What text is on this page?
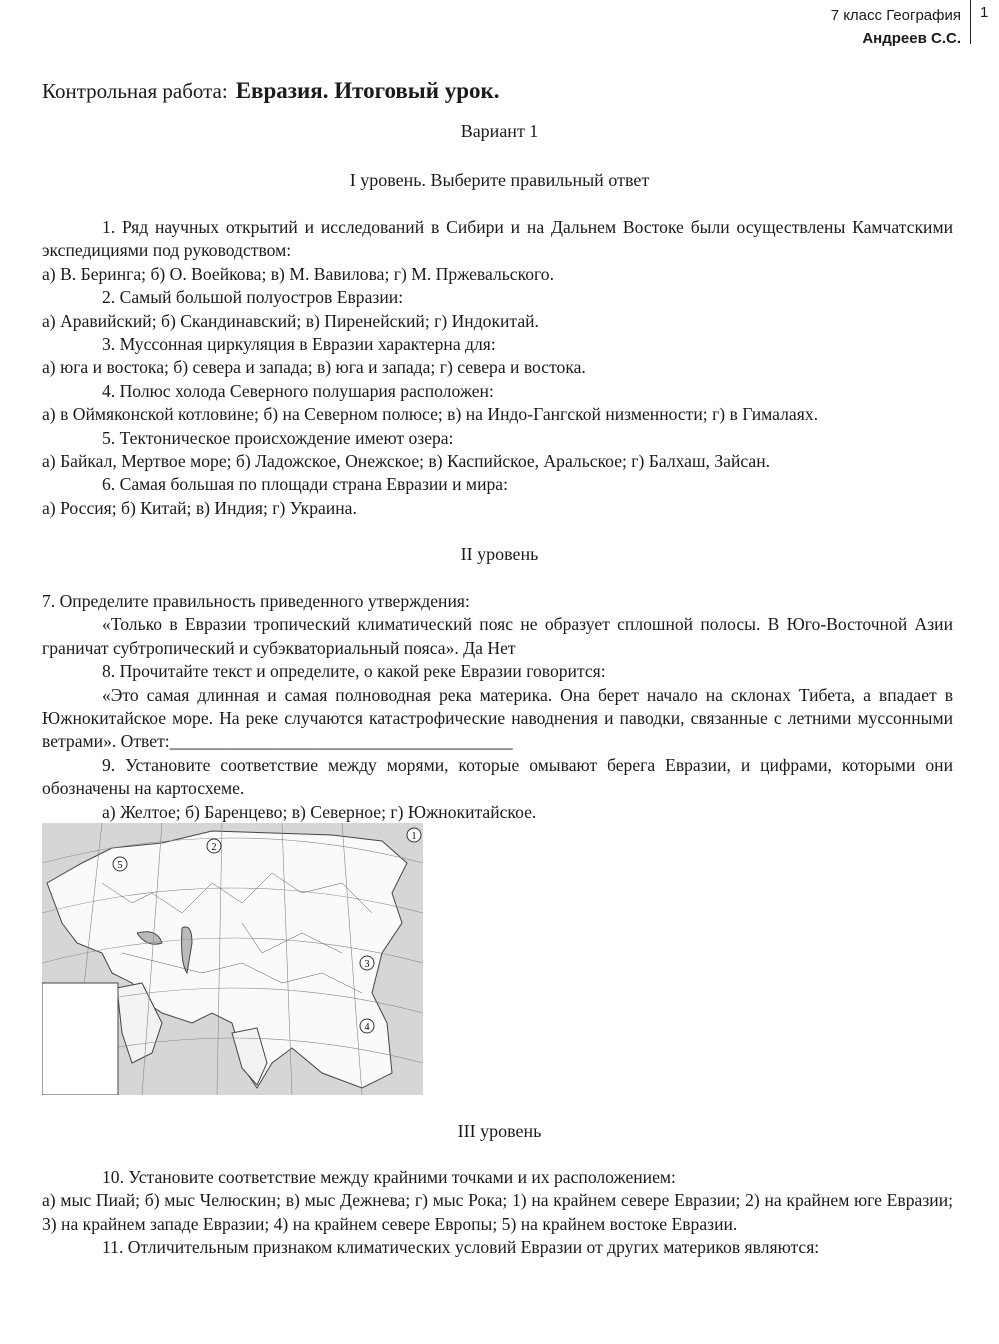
7 класс География
Андреев С.С.
1
Контрольная работа: Евразия. Итоговый урок.
Вариант 1
I уровень. Выберите правильный ответ

1. Ряд научных открытий и исследований в Сибири и на Дальнем Востоке были осуществлены Камчатскими экспедициями под руководством:

а) В. Беринга; б) О. Воейкова; в) М. Вавилова; г) М. Пржевальского.

2. Самый большой полуостров Евразии:

а) Аравийский; б) Скандинавский; в) Пиренейский; г) Индокитай.

3. Муссонная циркуляция в Евразии характерна для:

а) юга и востока; б) севера и запада; в) юга и запада; г) севера и востока.

4. Полюс холода Северного полушария расположен:

а) в Оймяконской котловине; б) на Северном полюсе; в) на Индо-Гангской низменности; г) в Гималаях.

5. Тектоническое происхождение имеют озера:

а) Байкал, Мертвое море; б) Ладожское, Онежское; в) Каспийское, Аральское; г) Балхаш, Зайсан.

6. Самая большая по площади страна Евразии и мира:

а) Россия; б) Китай; в) Индия; г) Украина.

II уровень

7. Определите правильность приведенного утверждения:

«Только в Евразии тропический климатический пояс не образует сплошной полосы. В Юго-Восточной Азии граничат субтропический и субэкваториальный пояса». Да Нет

8. Прочитайте текст и определите, о какой реке Евразии говорится:

«Это самая длинная и самая полноводная река материка. Она берет начало на склонах Тибета, а впадает в Южнокитайское море. На реке случаются катастрофические наводнения и паводки, связанные с летними муссонными ветрами». Ответ:_______________________________________

9. Установите соответствие между морями, которые омывают берега Евразии, и цифрами, которыми они обозначены на картосхеме.

а) Желтое; б) Баренцево; в) Северное; г) Южнокитайское.

1
2
3
4
5
III уровень

10. Установите соответствие между крайними точками и их расположением:

а) мыс Пиай; б) мыс Челюскин; в) мыс Дежнева; г) мыс Рока; 1) на крайнем севере Евразии; 2) на крайнем юге Евразии; 3) на крайнем западе Евразии; 4) на крайнем севере Европы; 5) на крайнем востоке Евразии.

11. Отличительным признаком климатических условий Евразии от других материков являются:
